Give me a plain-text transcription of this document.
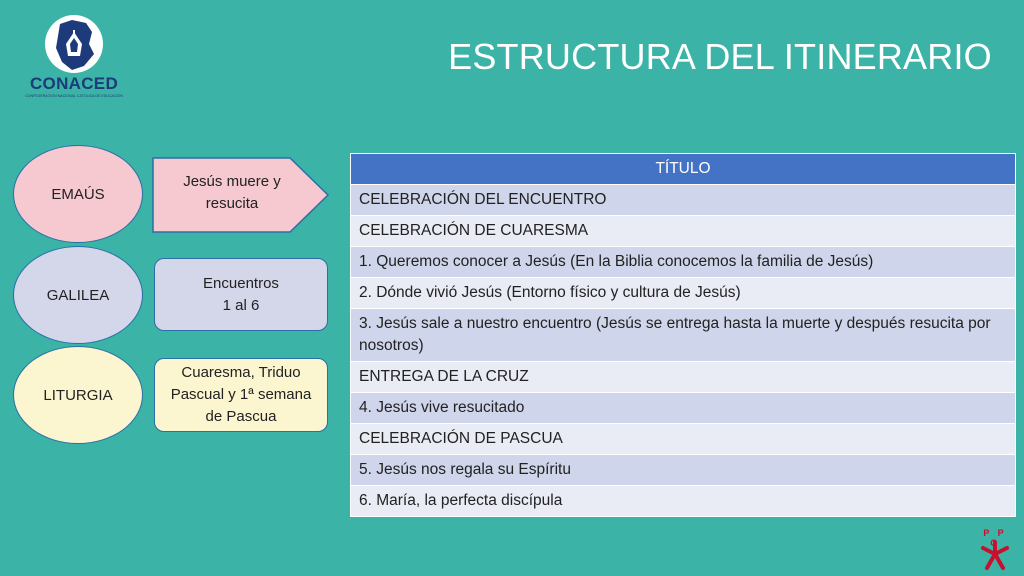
CONACED
CONFEDERACIÓN NACIONAL CATÓLICA DE EDUCACIÓN
ESTRUCTURA DEL ITINERARIO
EMAÚS
GALILEA
LITURGIA
Jesús muere y resucita
Encuentros
1 al 6
Cuaresma, Triduo Pascual y 1ª semana de Pascua
TÍTULO
CELEBRACIÓN DEL ENCUENTRO
CELEBRACIÓN DE CUARESMA
1. Queremos conocer a Jesús (En la Biblia conocemos la familia de Jesús)
2. Dónde vivió Jesús (Entorno físico y cultura de Jesús)
3. Jesús sale a nuestro encuentro (Jesús se entrega hasta la muerte y después resucita por nosotros)
ENTREGA DE LA CRUZ
4. Jesús vive resucitado
CELEBRACIÓN DE PASCUA
5. Jesús nos regala su Espíritu
6. María, la perfecta discípula
P P C
